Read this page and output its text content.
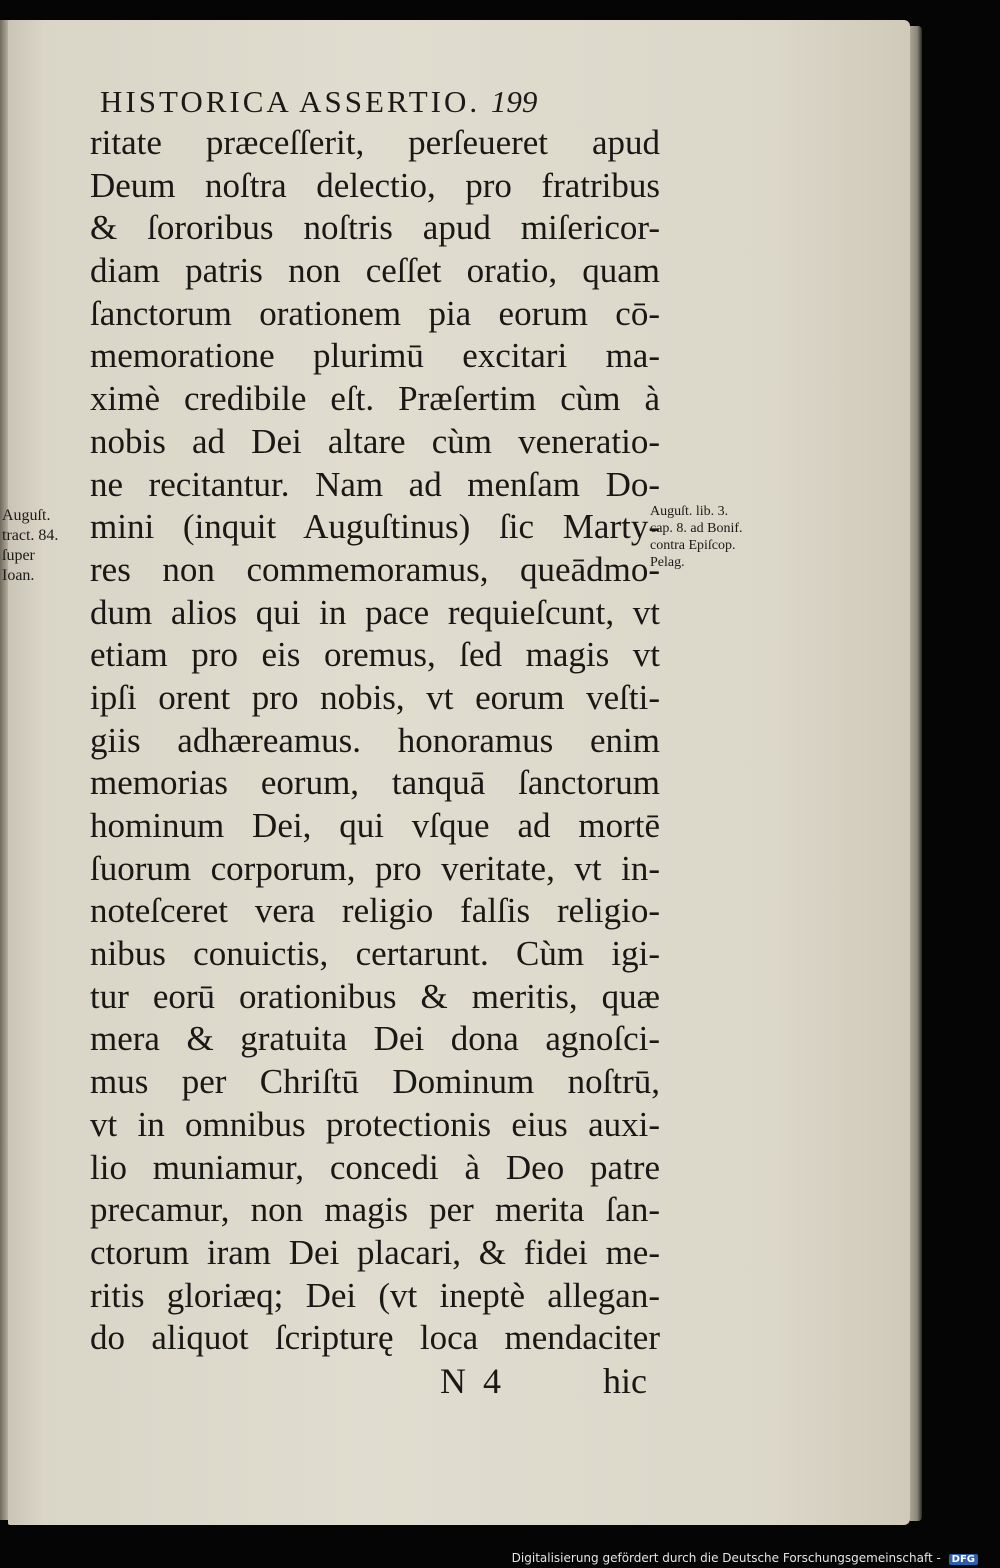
HISTORICA ASSERTIO. 199
ritate præceſſerit, perſeueret apud
Deum noſtra delectio, pro fratribus
& ſororibus noſtris apud miſericor-
diam patris non ceſſet oratio, quam
ſanctorum orationem pia eorum cō-
memoratione plurimū excitari ma-
ximè credibile eſt. Præſertim cùm à
nobis ad Dei altare cùm veneratio-
ne recitantur. Nam ad menſam Do-
mini (inquit Auguſtinus) ſic Marty-
res non commemoramus, queādmo-
dum alios qui in pace requieſcunt, vt
etiam pro eis oremus, ſed magis vt
ipſi orent pro nobis, vt eorum veſti-
giis adhæreamus. honoramus enim
memorias eorum, tanquā ſanctorum
hominum Dei, qui vſque ad mortē
ſuorum corporum, pro veritate, vt in-
noteſceret vera religio falſis religio-
nibus conuictis, certarunt. Cùm igi-
tur eorū orationibus & meritis, quæ
mera & gratuita Dei dona agnoſci-
mus per Chriſtū Dominum noſtrū,
vt in omnibus protectionis eius auxi-
lio muniamur, concedi à Deo patre
precamur, non magis per merita ſan-
ctorum iram Dei placari, & fidei me-
ritis gloriæq; Dei (vt ineptè allegan-
do aliquot ſcripturę loca mendaciter
Auguſt.
tract. 84.
ſuper
Ioan.
Auguſt. lib. 3.
cap. 8. ad Bonif.
contra Epiſcop.
Pelag.
N 4	hic
Digitalisierung gefördert durch die Deutsche Forschungsgemeinschaft - DFG
